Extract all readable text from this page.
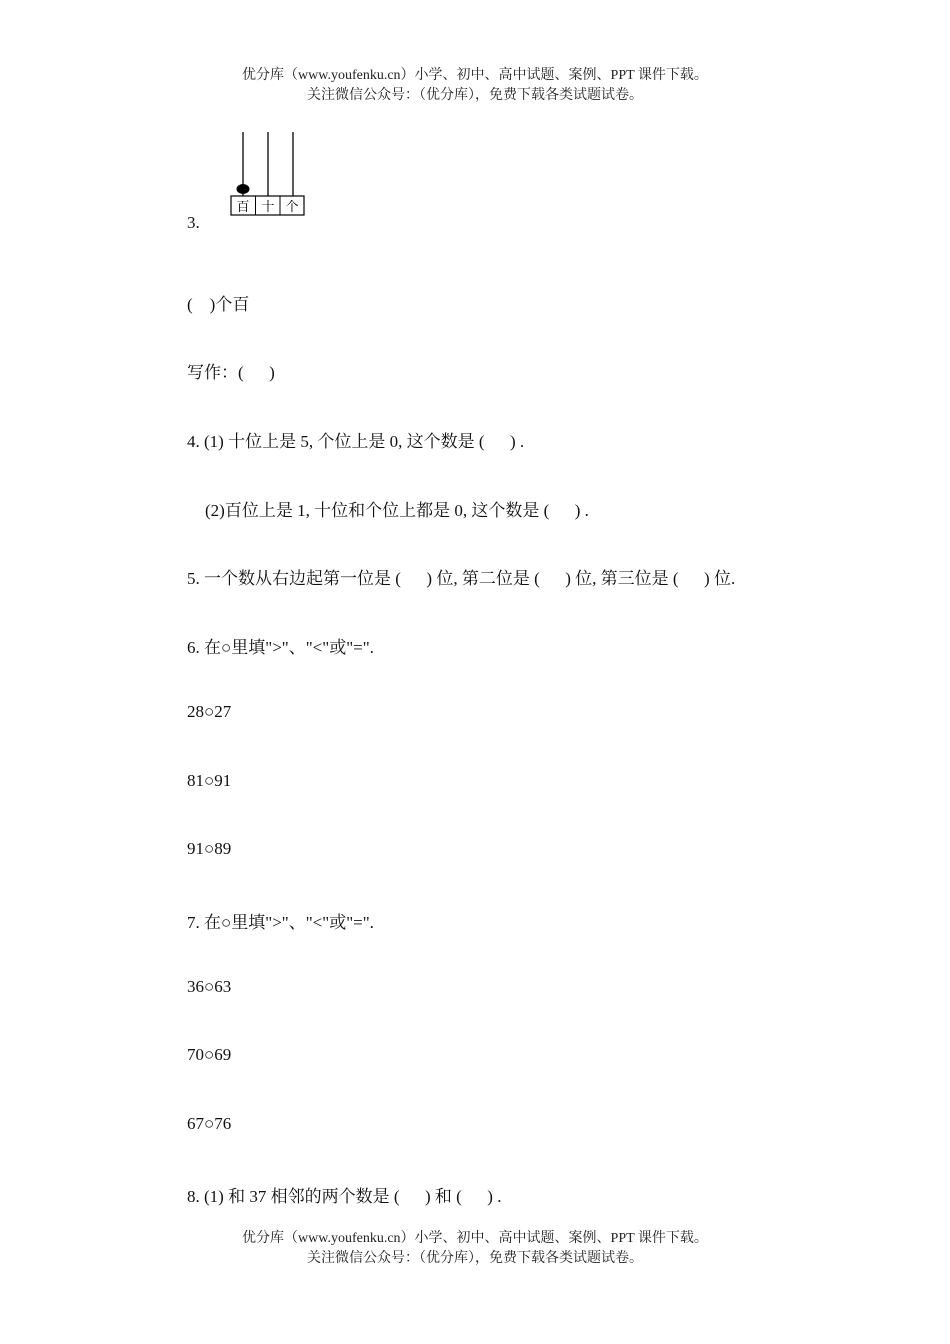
优分库（www.youfenku.cn）小学、初中、高中试题、案例、PPT 课件下载。
关注微信公众号：（优分库），免费下载各类试题试卷。
百 十 个
3.
(    )个百
写作：(      )
4. (1) 十位上是 5, 个位上是 0, 这个数是 (      ) .
(2)百位上是 1, 十位和个位上都是 0, 这个数是 (      ) .
5. 一个数从右边起第一位是 (      ) 位, 第二位是 (      ) 位, 第三位是 (      ) 位.
6. 在○里填">"、"<"或"=".
28○27
81○91
91○89
7. 在○里填">"、"<"或"=".
36○63
70○69
67○76
8. (1) 和 37 相邻的两个数是 (      ) 和 (      ) .
优分库（www.youfenku.cn）小学、初中、高中试题、案例、PPT 课件下载。
关注微信公众号：（优分库），免费下载各类试题试卷。
